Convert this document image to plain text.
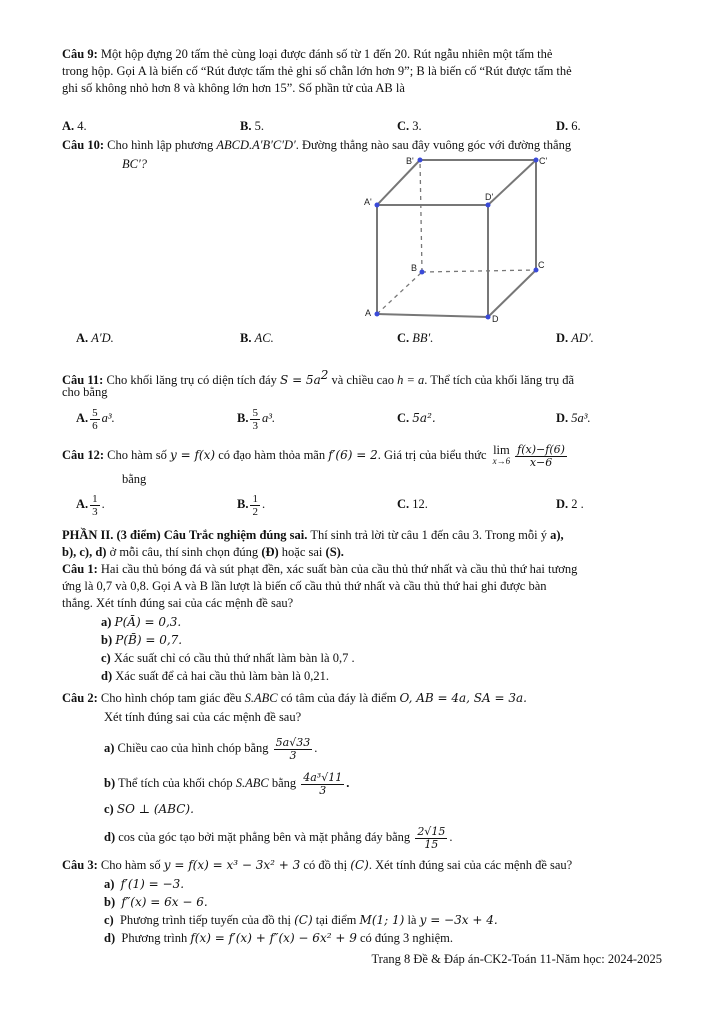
Câu 9: Một hộp đựng 20 tấm thẻ cùng loại được đánh số từ 1 đến 20. Rút ngẫu nhiên một tấm thẻ
trong hộp. Gọi A là biến cố “Rút được tấm thẻ ghi số chẵn lớn hơn 9”; B là biến cố “Rút được tấm thẻ
ghi số không nhỏ hơn 8 và không lớn hơn 15”. Số phần tử của AB là
A. 4.	B. 5.	C. 3.	D. 6.
Câu 10: Cho hình lập phương ABCD.A′B′C′D′. Đường thẳng nào sau đây vuông góc với đường thẳng
BC′?	B'	C'
A'	D'
B	C
A
D
A. A′D.	B. AC.	C. BB′.	D. AD′.
Câu 11: Cho khối lăng trụ có diện tích đáy $S = 5a^2$ và chiều cao h = a. Thể tích của khối lăng trụ đã
cho bằng
A. $\frac{5}{6} a^3$.	B. $\frac{5}{3} a^3$.	C. 5a².	D. 5a³.
Câu 12: Cho hàm số y = f(x) có đạo hàm thỏa mãn f′(6) = 2. Giá trị của biểu thức lim
$x\to 6 \frac{f(x)-f(6)}{x-6}$
bằng
A. $\frac{1}{3}$ .	B. $\frac{1}{2}$ .	C. 12.	D. 2 .
PHẦN II. (3 điểm) Câu Trắc nghiệm đúng sai. Thí sinh trả lời từ câu 1 đến câu 3. Trong mỗi ý a),
b), c), d) ở mỗi câu, thí sinh chọn đúng (Đ) hoặc sai (S).
Câu 1: Hai cầu thủ bóng đá và sút phạt đền, xác suất bàn của cầu thủ thứ nhất và cầu thủ thứ hai tương
ứng là 0,7 và 0,8. Gọi A và B lần lượt là biến cố cầu thủ thứ nhất và cầu thủ thứ hai ghi được bàn
thắng. Xét tính đúng sai của các mệnh đề sau?
a) P(Ā) = 0,3.
b) P(B̄) = 0,7.
c) Xác suất chỉ có cầu thủ thứ nhất làm bàn là 0,7 .
d) Xác suất để cả hai cầu thủ làm bàn là 0,21.
Câu 2: Cho hình chóp tam giác đều S.ABC có tâm của đáy là điểm O, AB = 4a, SA = 3a.
Xét tính đúng sai của các mệnh đề sau?
a) Chiều cao của hình chóp bằng $\frac{5a√33}{3}$ .
b) Thể tích của khối chóp S.ABC bằng $\frac{\text{4a³√11}}{3}$ .
c) SO ⊥ (ABC).
d) cos của góc tạo bởi mặt phẳng bên và mặt phẳng đáy bằng $\frac{2√15}{15}$ .
Câu 3: Cho hàm số y = f(x) = x³ − 3x² + 3 có đồ thị (C). Xét tính đúng sai của các mệnh đề sau?
a) f′(1) = −3.
b) f″(x) = 6x − 6.
c) Phương trình tiếp tuyến của đồ thị (C) tại điểm M(1; 1) là y = −3x + 4.
d) Phương trình f(x) = f′(x) + f″(x) − 6x² + 9 có đúng 3 nghiệm.
Trang 8 Đề & Đáp án-CK2-Toán 11-Năm học: 2024-2025
